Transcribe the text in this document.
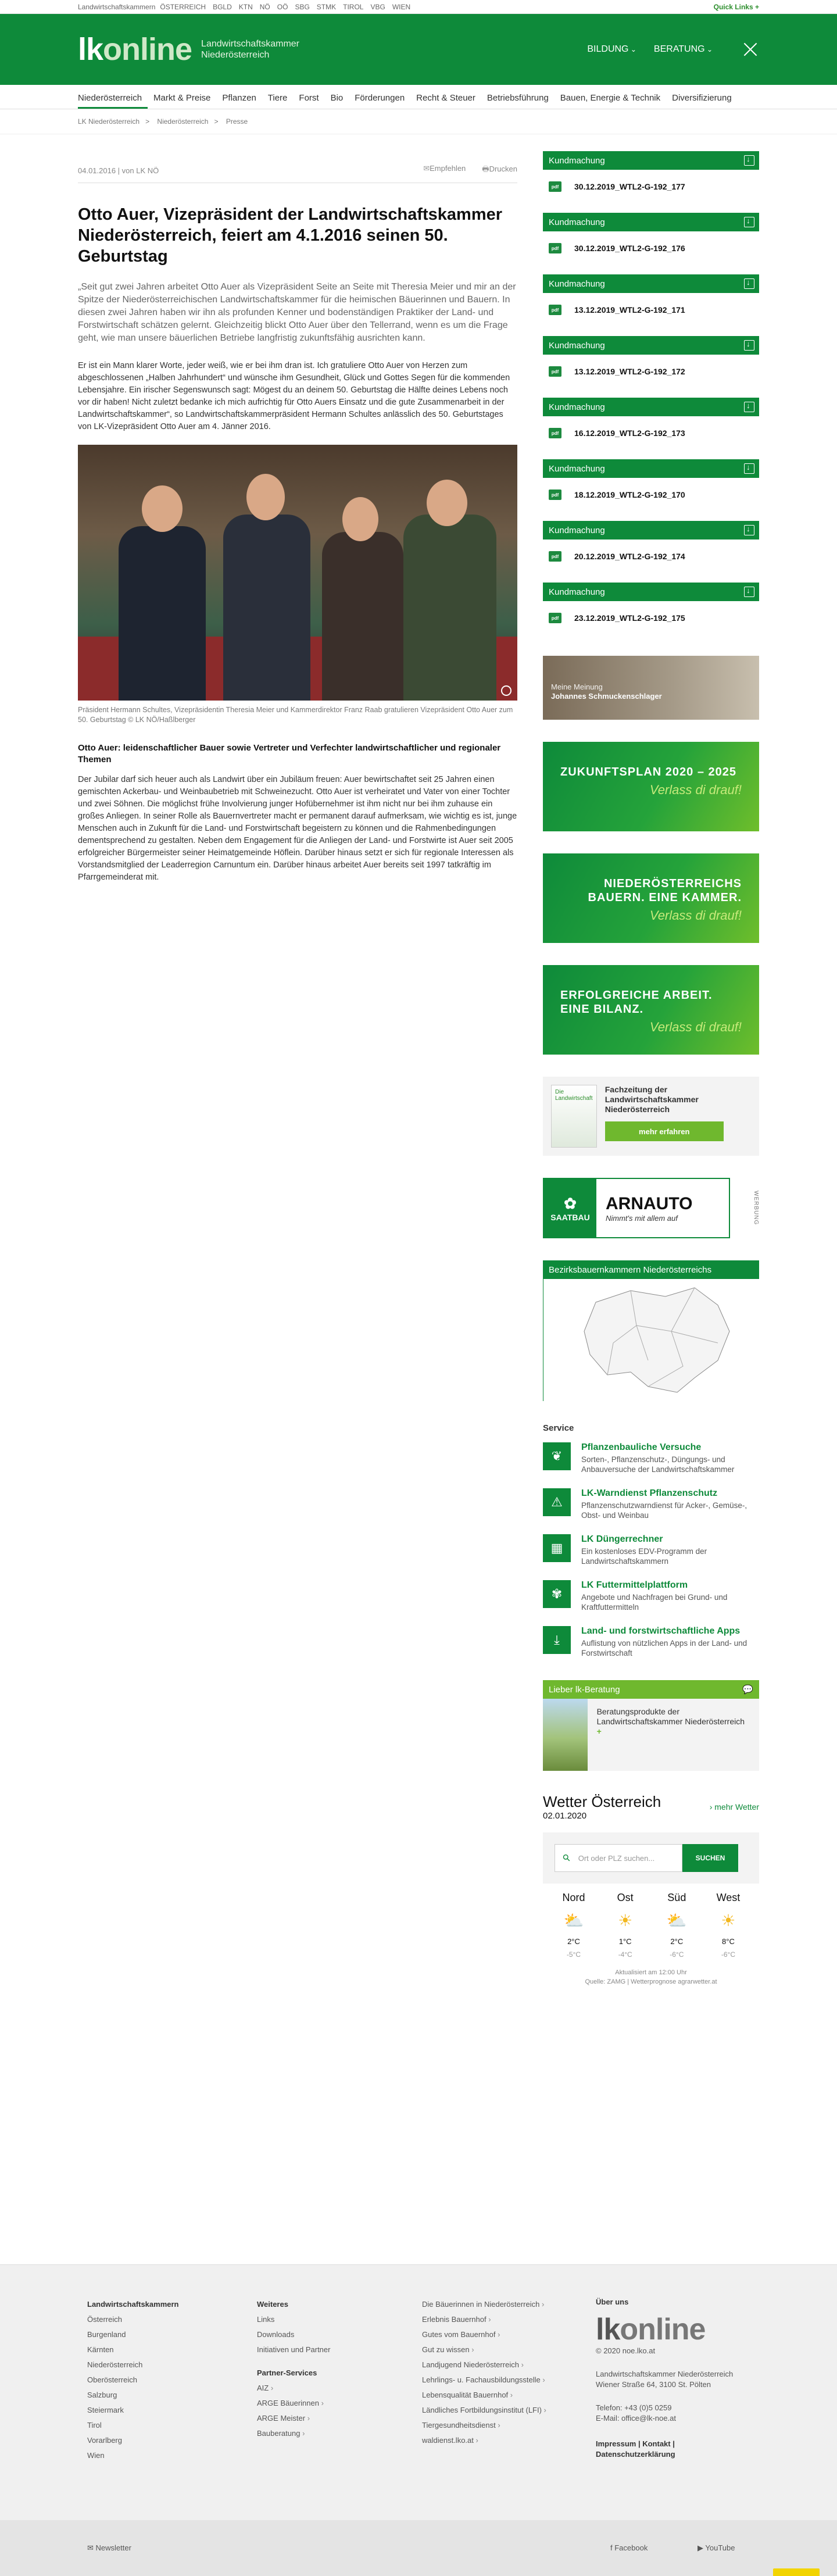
Landwirtschaftskammern ÖSTERREICH BGLD KTN NÖ OÖ SBG STMK TIROL VBG WIEN	Quick Links +
lkonline Landwirtschaftskammer
Niederösterreich
BILDUNG ⌄	BERATUNG ⌄
Niederösterreich	Markt & Preise	Pflanzen	Tiere	Forst	Bio	Förderungen	Recht & Steuer	Betriebsführung	Bauen, Energie & Technik	Diversifizierung
LK Niederösterreich > Niederösterreich > Presse
04.01.2016 | von LK NÖ	✉ Empfehlen	🖶 Drucken
Otto Auer, Vizepräsident der Landwirtschaftskammer Niederösterreich, feiert am 4.1.2016 seinen 50. Geburtstag

„Seit gut zwei Jahren arbeitet Otto Auer als Vizepräsident Seite an Seite mit Theresia Meier und mir an der Spitze der Niederösterreichischen Landwirtschaftskammer für die heimischen Bäuerinnen und Bauern. In diesen zwei Jahren haben wir ihn als profunden Kenner und bodenständigen Praktiker der Land- und Forstwirtschaft schätzen gelernt. Gleichzeitig blickt Otto Auer über den Tellerrand, wenn es um die Frage geht, wie man unsere bäuerlichen Betriebe langfristig zukunftsfähig ausrichten kann.

Er ist ein Mann klarer Worte, jeder weiß, wie er bei ihm dran ist. Ich gratuliere Otto Auer von Herzen zum abgeschlossenen „Halben Jahrhundert“ und wünsche ihm Gesundheit, Glück und Gottes Segen für die kommenden Lebensjahre. Ein irischer Segenswunsch sagt: Mögest du an deinem 50. Geburtstag die Hälfte deines Lebens noch vor dir haben! Nicht zuletzt bedanke ich mich aufrichtig für Otto Auers Einsatz und die gute Zusammenarbeit in der Landwirtschaftskammer“, so Landwirtschaftskammerpräsident Hermann Schultes anlässlich des 50. Geburtstages von LK-Vizepräsident Otto Auer am 4. Jänner 2016.

Präsident Hermann Schultes, Vizepräsidentin Theresia Meier und Kammerdirektor Franz Raab gratulieren Vizepräsident Otto Auer zum 50. Geburtstag © LK NÖ/Haßlberger

Otto Auer: leidenschaftlicher Bauer sowie Vertreter und Verfechter landwirtschaftlicher und regionaler Themen

Der Jubilar darf sich heuer auch als Landwirt über ein Jubiläum freuen: Auer bewirtschaftet seit 25 Jahren einen gemischten Ackerbau- und Weinbaubetrieb mit Schweinezucht. Otto Auer ist verheiratet und Vater von einer Tochter und zwei Söhnen. Die möglichst frühe Involvierung junger Hofübernehmer ist ihm nicht nur bei ihm zuhause ein großes Anliegen. In seiner Rolle als Bauernvertreter macht er permanent darauf aufmerksam, wie wichtig es ist, junge Menschen auch in Zukunft für die Land- und Forstwirtschaft begeistern zu können und die Rahmenbedingungen dementsprechend zu gestalten. Neben dem Engagement für die Anliegen der Land- und Forstwirte ist Auer seit 2005 erfolgreicher Bürgermeister seiner Heimatgemeinde Höflein. Darüber hinaus setzt er sich für regionale Interessen als Vorstandsmitglied der Leaderregion Carnuntum ein. Darüber hinaus arbeitet Auer bereits seit 1997 tatkräftig im Pfarrgemeinderat mit.

Kundmachung
↓
pdf	30.12.2019_WTL2-G-192_177
Kundmachung
↓
pdf	30.12.2019_WTL2-G-192_176
Kundmachung
↓
pdf	13.12.2019_WTL2-G-192_171
Kundmachung
↓
pdf	13.12.2019_WTL2-G-192_172
Kundmachung
↓
pdf	16.12.2019_WTL2-G-192_173
Kundmachung
↓
pdf	18.12.2019_WTL2-G-192_170
Kundmachung
↓
pdf	20.12.2019_WTL2-G-192_174
Kundmachung
↓
pdf	23.12.2019_WTL2-G-192_175
Meine Meinung
Johannes Schmuckenschlager
ZUKUNFTSPLAN 2020 – 2025
Verlass di drauf!
NIEDERÖSTERREICHS BAUERN. EINE KAMMER.
Verlass di drauf!
ERFOLGREICHE ARBEIT. EINE BILANZ.
Verlass di drauf!
Die Landwirtschaft
Fachzeitung der Landwirtschaftskammer Niederösterreich
mehr erfahren
✿
SAATBAU
ARNAUTO
Nimmt's mit allem auf	WERBUNG
Bezirksbauernkammern Niederösterreichs
Service
❦
Pflanzenbauliche Versuche
Sorten-, Pflanzenschutz-, Düngungs- und Anbauversuche der Landwirtschaftskammer
⚠
LK-Warndienst Pflanzenschutz
Pflanzenschutzwarndienst für Acker-, Gemüse-, Obst- und Weinbau
▦
LK Düngerrechner
Ein kostenloses EDV-Programm der Landwirtschaftskammern
✾
LK Futtermittelplattform
Angebote und Nachfragen bei Grund- und Kraftfuttermitteln
⤓
Land- und forstwirtschaftliche Apps
Auflistung von nützlichen Apps in der Land- und Forstwirtschaft
Lieber lk-Beratung	💬
Beratungsprodukte der Landwirtschaftskammer Niederösterreich +
Wetter Österreich
02.01.2020
› mehr Wetter
⚲ Ort oder PLZ suchen...	SUCHEN
Nord
⛅
2°C
-5°C
Ost
☀
1°C
-4°C
Süd
⛅
2°C
-6°C
West
☀
8°C
-6°C
Aktualisiert am 12:00 Uhr
Quelle: ZAMG | Wetterprognose agrarwetter.at
Landwirtschaftskammern
Österreich
Burgenland
Kärnten
Niederösterreich
Oberösterreich
Salzburg
Steiermark
Tirol
Vorarlberg
Wien
Weiteres
Links
Downloads
Initiativen und Partner
Partner-Services
AIZ ›
ARGE Bäuerinnen ›
ARGE Meister ›
Bauberatung ›
Die Bäuerinnen in Niederösterreich ›
Erlebnis Bauernhof ›
Gutes vom Bauernhof ›
Gut zu wissen ›
Landjugend Niederösterreich ›
Lehrlings- u. Fachausbildungsstelle ›
Lebensqualität Bauernhof ›
Ländliches Fortbildungsinstitut (LFI) ›
Tiergesundheitsdienst ›
waldienst.lko.at ›
Über uns
lkonline
© 2020 noe.lko.at
Landwirtschaftskammer Niederösterreich
Wiener Straße 64, 3100 St. Pölten
Telefon: +43 (0)5 0259
E-Mail: office@lk-noe.at
Impressum | Kontakt |
Datenschutzerklärung
✉ Newsletter	f Facebook	▶ YouTube
